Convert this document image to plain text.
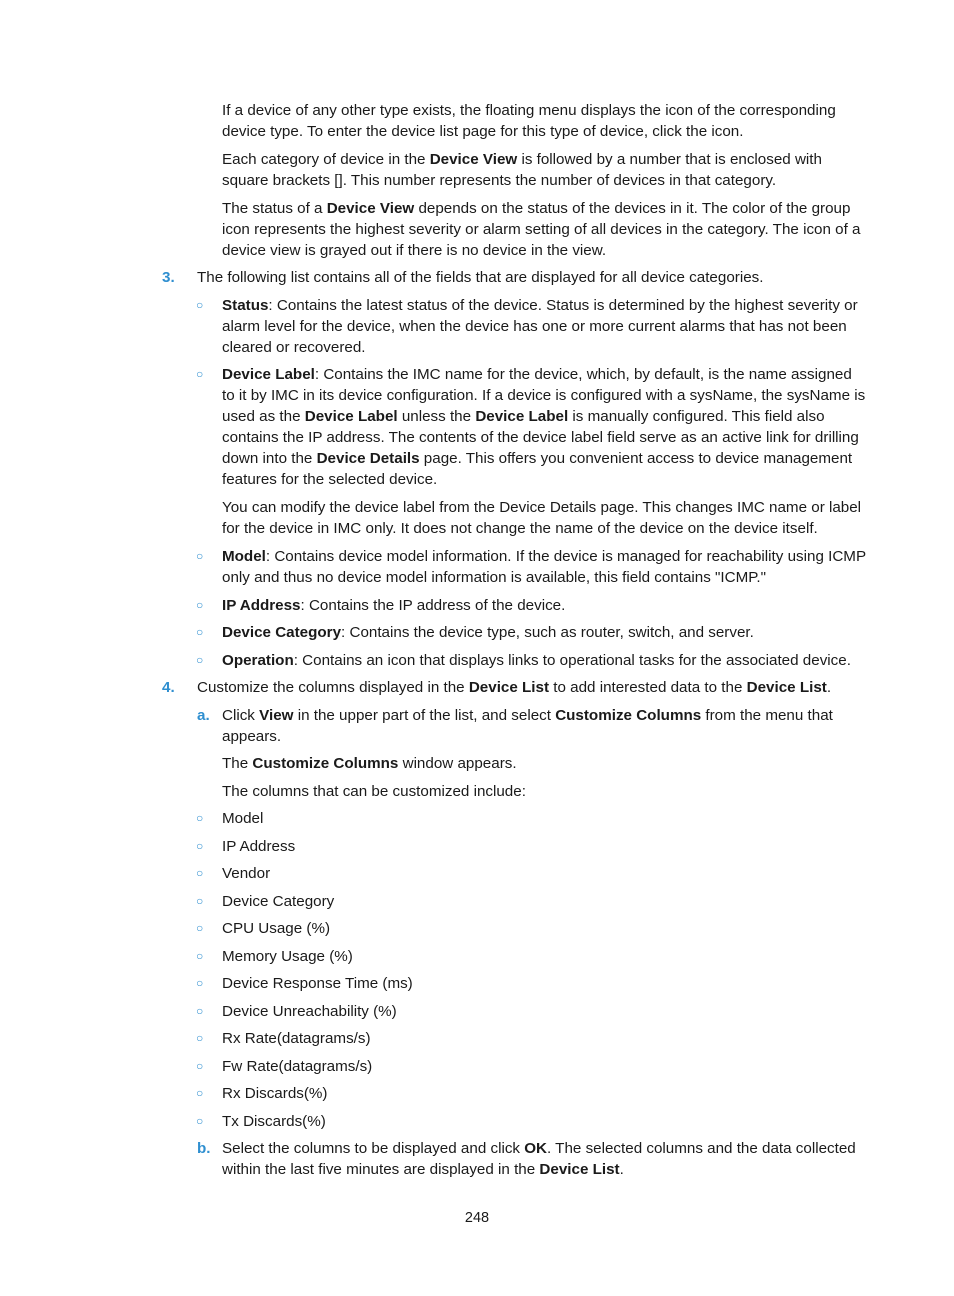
If a device of any other type exists, the floating menu displays the icon of the corresponding device type. To enter the device list page for this type of device, click the icon.

Each category of device in the Device View is followed by a number that is enclosed with square brackets []. This number represents the number of devices in that category.

The status of a Device View depends on the status of the devices in it. The color of the group icon represents the highest severity or alarm setting of all devices in the category. The icon of a device view is grayed out if there is no device in the view.

3. The following list contains all of the fields that are displayed for all device categories.

○ Status: Contains the latest status of the device. Status is determined by the highest severity or alarm level for the device, when the device has one or more current alarms that has not been cleared or recovered.

○ Device Label: Contains the IMC name for the device, which, by default, is the name assigned to it by IMC in its device configuration. If a device is configured with a sysName, the sysName is used as the Device Label unless the Device Label is manually configured. This field also contains the IP address. The contents of the device label field serve as an active link for drilling down into the Device Details page. This offers you convenient access to device management features for the selected device.

You can modify the device label from the Device Details page. This changes IMC name or label for the device in IMC only. It does not change the name of the device on the device itself.

○ Model: Contains device model information. If the device is managed for reachability using ICMP only and thus no device model information is available, this field contains "ICMP."

○ IP Address: Contains the IP address of the device.

○ Device Category: Contains the device type, such as router, switch, and server.

○ Operation: Contains an icon that displays links to operational tasks for the associated device.

4. Customize the columns displayed in the Device List to add interested data to the Device List.

a. Click View in the upper part of the list, and select Customize Columns from the menu that appears.

The Customize Columns window appears.

The columns that can be customized include:

○ Model

○ IP Address

○ Vendor

○ Device Category

○ CPU Usage (%)

○ Memory Usage (%)

○ Device Response Time (ms)

○ Device Unreachability (%)

○ Rx Rate(datagrams/s)

○ Fw Rate(datagrams/s)

○ Rx Discards(%)

○ Tx Discards(%)

b. Select the columns to be displayed and click OK. The selected columns and the data collected within the last five minutes are displayed in the Device List.

248
